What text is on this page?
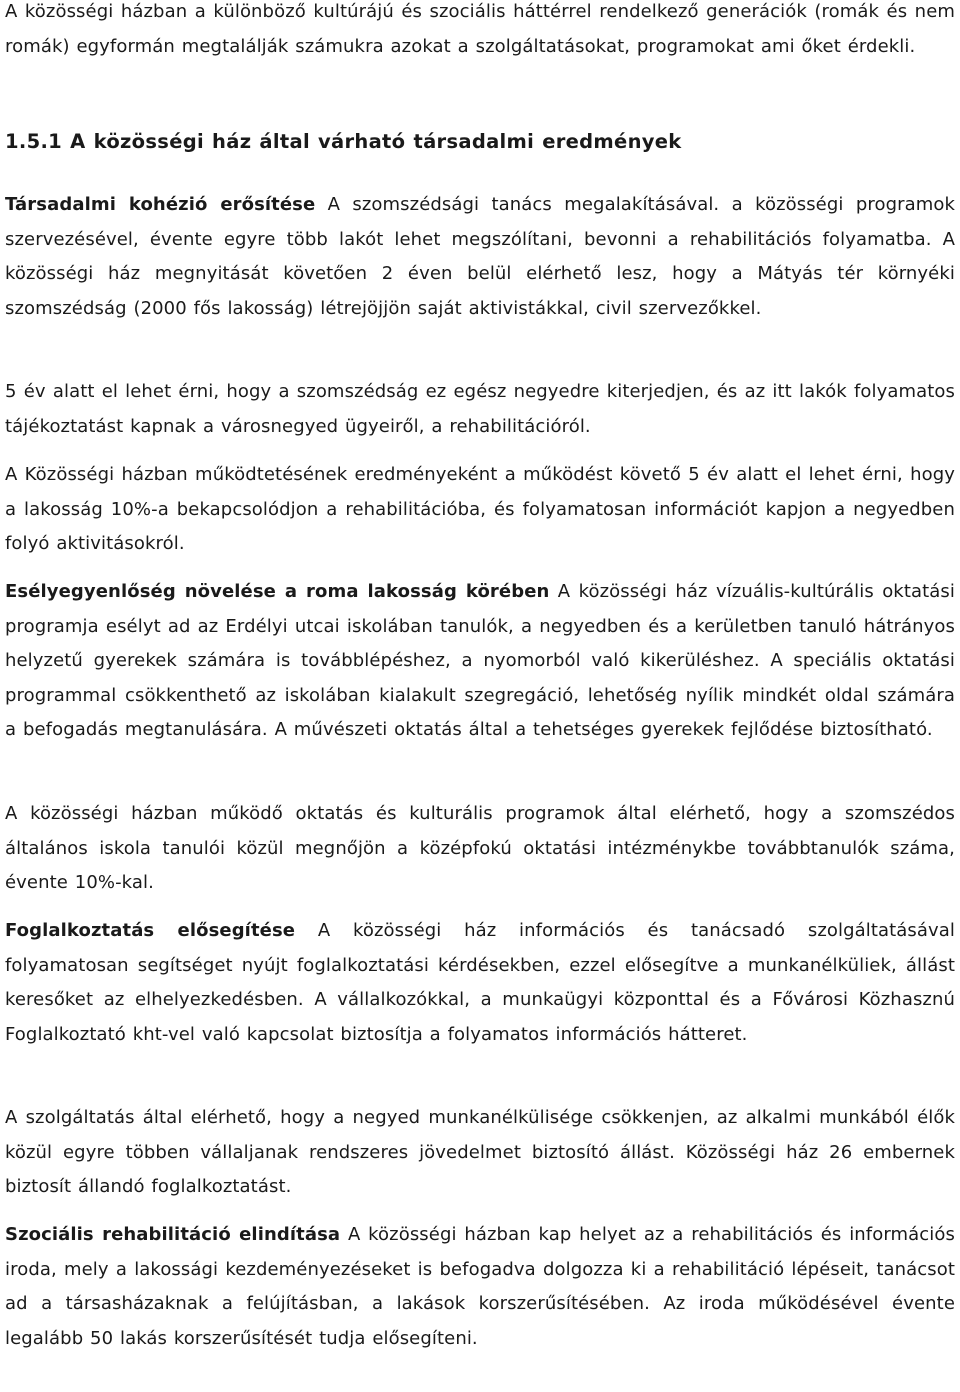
A közösségi házban a különböző kultúrájú és szociális háttérrel rendelkező generációk (romák és nem romák) egyformán megtalálják számukra azokat a szolgáltatásokat, programokat ami őket érdekli.

1.5.1 A közösségi ház által várható társadalmi eredmények

Társadalmi kohézió erősítése A szomszédsági tanács megalakításával. a közösségi programok szervezésével, évente egyre több lakót lehet megszólítani, bevonni a rehabilitációs folyamatba. A közösségi ház megnyitását követően 2 éven belül elérhető lesz, hogy a Mátyás tér környéki szomszédság (2000 fős lakosság) létrejöjjön saját aktivistákkal, civil szervezőkkel.

5 év alatt el lehet érni, hogy a szomszédság ez egész negyedre kiterjedjen, és az itt lakók folyamatos tájékoztatást kapnak a városnegyed ügyeiről, a rehabilitációról.

A Közösségi házban működtetésének eredményeként a működést követő 5 év alatt el lehet érni, hogy a lakosság 10%-a bekapcsolódjon a rehabilitációba, és folyamatosan információt kapjon a negyedben folyó aktivitásokról.

Esélyegyenlőség növelése a roma lakosság körében A közösségi ház vízuális-kultúrális oktatási programja esélyt ad az Erdélyi utcai iskolában tanulók, a negyedben és a kerületben tanuló hátrányos helyzetű gyerekek számára is továbblépéshez, a nyomorból való kikerüléshez. A speciális oktatási programmal csökkenthető az iskolában kialakult szegregáció, lehetőség nyílik mindkét oldal számára a befogadás megtanulására. A művészeti oktatás által a tehetséges gyerekek fejlődése biztosítható.

A közösségi házban működő oktatás és kulturális programok által elérhető, hogy a szomszédos általános iskola tanulói közül megnőjön a középfokú oktatási intézménykbe továbbtanulók száma, évente 10%-kal.

Foglalkoztatás elősegítése A közösségi ház információs és tanácsadó szolgáltatásával folyamatosan segítséget nyújt foglalkoztatási kérdésekben, ezzel elősegítve a munkanélküliek, állást keresőket az elhelyezkedésben. A vállalkozókkal, a munkaügyi központtal és a Fővárosi Közhasznú Foglalkoztató kht-vel való kapcsolat biztosítja a folyamatos információs hátteret.

A szolgáltatás által elérhető, hogy a negyed munkanélkülisége csökkenjen, az alkalmi munkából élők közül egyre többen vállaljanak rendszeres jövedelmet biztosító állást. Közösségi ház 26 embernek biztosít állandó foglalkoztatást.

Szociális rehabilitáció elindítása A közösségi házban kap helyet az a rehabilitációs és információs iroda, mely a lakossági kezdeményezéseket is befogadva dolgozza ki a rehabilitáció lépéseit, tanácsot ad a társasházaknak a felújításban, a lakások korszerűsítésében. Az iroda működésével évente legalább 50 lakás korszerűsítését tudja elősegíteni.
